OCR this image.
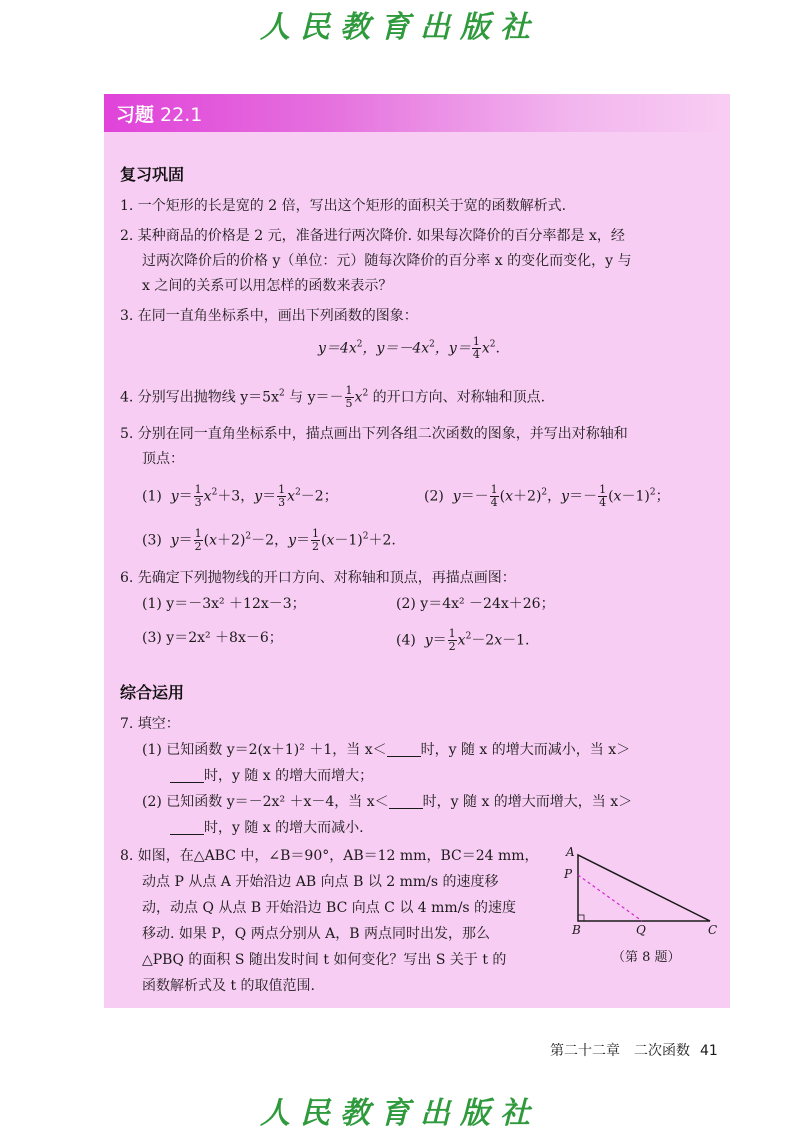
人民教育出版社
习题 22.1
复习巩固
1. 一个矩形的长是宽的 2 倍，写出这个矩形的面积关于宽的函数解析式.
2. 某种商品的价格是 2 元，准备进行两次降价. 如果每次降价的百分率都是 x，经
过两次降价后的价格 y（单位：元）随每次降价的百分率 x 的变化而变化，y 与
x 之间的关系可以用怎样的函数来表示？
3. 在同一直角坐标系中，画出下列函数的图象：
$y=4x^2$，$y=-4x^2$，$y= \frac{1}{4} x^2$.
4. 分别写出抛物线 $y=5x^2$ 与 $y=- \frac{1}{5} x^2$ 的开口方向、对称轴和顶点.
5. 分别在同一直角坐标系中，描点画出下列各组二次函数的图象，并写出对称轴和
顶点：
(1) $y= \frac{1}{3} x^2+3$，$y= \frac{1}{3} x^2-2$；	(2) $y=- \frac{1}{4} (x+2)^2$，$y=- \frac{1}{4} (x-1)^2$；
(3) $y= \frac{1}{2} (x+2)^2-2$，$y= \frac{1}{2} (x-1)^2+2$.
6. 先确定下列抛物线的开口方向、对称轴和顶点，再描点画图：
(1) y＝－3x² ＋12x－3；	(2) y＝4x² －24x＋26；
(3) y＝2x² ＋8x－6；	(4) $y= \frac{1}{2} x^2-2x-1$.
综合运用
7. 填空：
(1) 已知函数 y＝2(x＋1)² ＋1，当 x＜ 时，y 随 x 的增大而减小，当 x＞
时，y 随 x 的增大而增大；
(2) 已知函数 y＝－2x² ＋x－4，当 x＜ 时，y 随 x 的增大而增大，当 x＞
时，y 随 x 的增大而减小.
8. 如图，在△ABC 中，∠B＝90°，AB＝12 mm，BC＝24 mm，
动点 P 从点 A 开始沿边 AB 向点 B 以 2 mm/s 的速度移
动，动点 Q 从点 B 开始沿边 BC 向点 C 以 4 mm/s 的速度
移动. 如果 P，Q 两点分别从 A，B 两点同时出发，那么
△PBQ 的面积 S 随出发时间 t 如何变化？写出 S 关于 t 的
函数解析式及 t 的取值范围.
A
P
B	Q	C
（第 8 题）
第二十二章　二次函数 41
人民教育出版社
